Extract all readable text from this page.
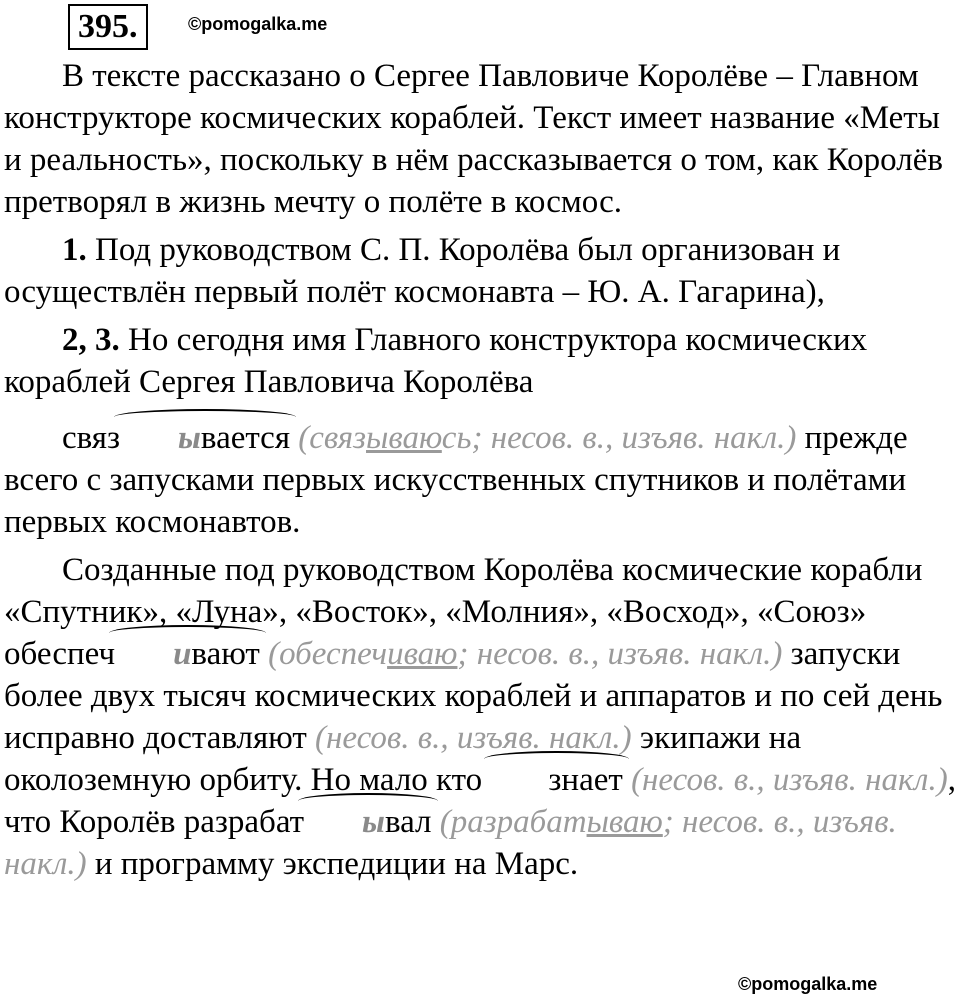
395.	©pomogalka.me

В тексте рассказано о Сергее Павловиче Королёве – Главном конструкторе космических кораблей. Текст имеет название «Меты и реальность», поскольку в нём рассказывается о том, как Королёв претворял в жизнь мечту о полёте в космос.

1. Под руководством С. П. Королёва был организован и осуществлён первый полёт космонавта – Ю. А. Гагарина),

2, 3. Но сегодня имя Главного конструктора космических кораблей Сергея Павловича Королёва
связ ывается (связываюсь; несов. в., изъяв. накл.) прежде всего с запусками первых искусственных спутников и полётами первых космонавтов.

Созданные под руководством Королёва космические корабли «Спутник», «Луна», «Восток», «Молния», «Восход», «Союз» обеспеч ивают (обеспечиваю; несов. в., изъяв. накл.) запуски более двух тысяч космических кораблей и аппаратов и по сей день исправно доставляют (несов. в., изъяв. накл.) экипажи на околоземную орбиту. Но мало кто знает (несов. в., изъяв. накл.), что Королёв разрабат ывал (разрабатываю; несов. в., изъяв. накл.) и программу экспедиции на Марс.

©pomogalka.me
